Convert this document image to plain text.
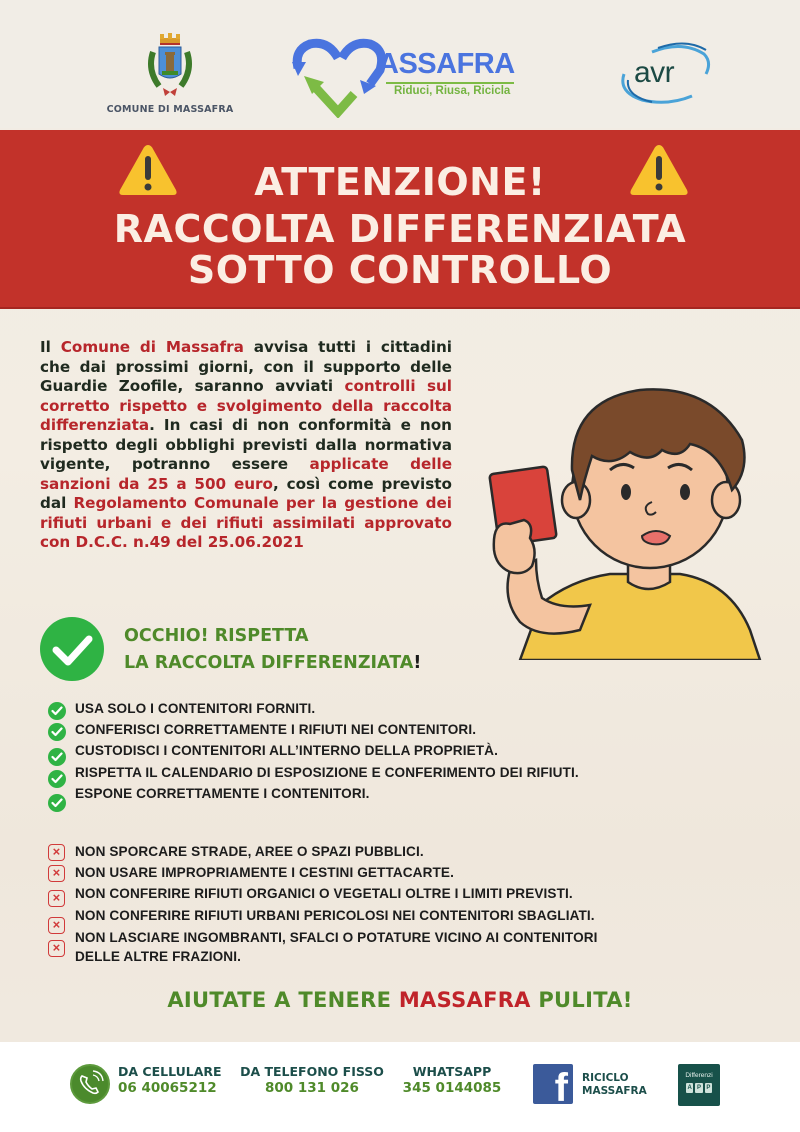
COMUNE DI MASSAFRA
ASSAFRA
Riduci, Riusa, Ricicla
avr
ATTENZIONE!
RACCOLTA DIFFERENZIATA
SOTTO CONTROLLO

Il Comune di Massafra avvisa tutti i cittadini che dai prossimi giorni, con il supporto delle Guardie Zoofile, saranno avviati controlli sul corretto rispetto e svolgimento della raccolta differenziata. In casi di non conformità e non rispetto degli obblighi previsti dalla normativa vigente, potranno essere applicate delle sanzioni da 25 a 500 euro, così come previsto dal Regolamento Comunale per la gestione dei rifiuti urbani e dei rifiuti assimilati approvato con D.C.C. n.49 del 25.06.2021

OCCHIO! RISPETTA
LA RACCOLTA DIFFERENZIATA!
USA SOLO I CONTENITORI FORNITI.
CONFERISCI CORRETTAMENTE I RIFIUTI NEI CONTENITORI.
CUSTODISCI I CONTENITORI ALL’INTERNO DELLA PROPRIETÀ.
RISPETTA IL CALENDARIO DI ESPOSIZIONE E CONFERIMENTO DEI RIFIUTI.
ESPONE CORRETTAMENTE I CONTENITORI.
×	NON SPORCARE STRADE, AREE O SPAZI PUBBLICI.
×	NON USARE IMPROPRIAMENTE I CESTINI GETTACARTE.
×	NON CONFERIRE RIFIUTI ORGANICI O VEGETALI OLTRE I LIMITI PREVISTI.
×
NON CONFERIRE RIFIUTI URBANI PERICOLOSI NEI CONTENITORI SBAGLIATI.
×
NON LASCIARE INGOMBRANTI, SFALCI O POTATURE VICINO AI CONTENITORI
DELLE ALTRE FRAZIONI.
AIUTATE A TENERE MASSAFRA PULITA!
DA CELLULARE
06 40065212
DA TELEFONO FISSO
800 131 026
WHATSAPP
345 0144085 f RICICLO
MASSAFRA
Differenzi
A P P
